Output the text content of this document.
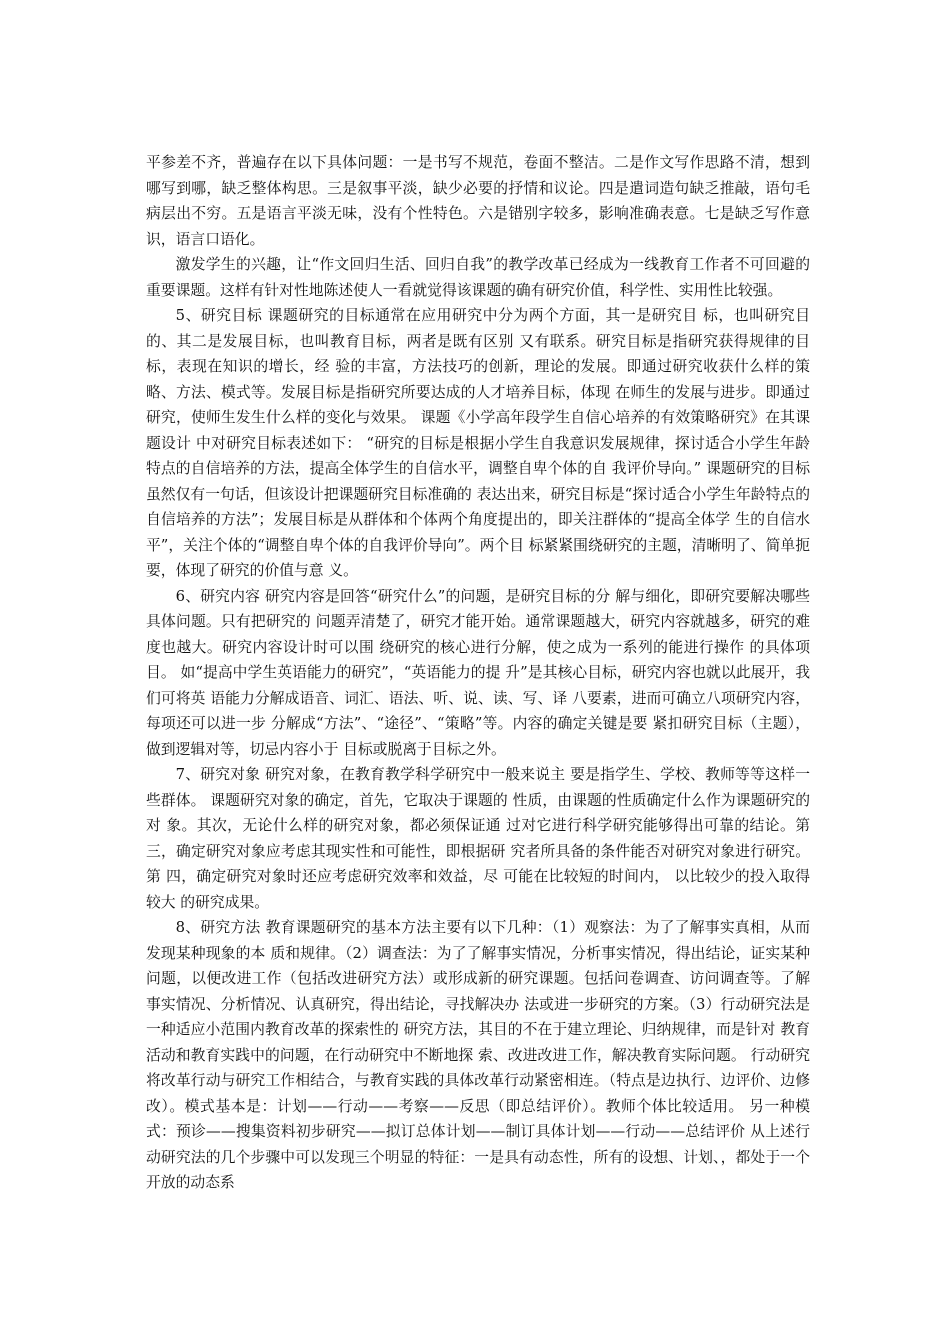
平参差不齐，普遍存在以下具体问题：一是书写不规范，卷面不整洁。二是作文写作思路不清，想到哪写到哪，缺乏整体构思。三是叙事平淡，缺少必要的抒情和议论。四是遣词造句缺乏推敲，语句毛病层出不穷。五是语言平淡无味，没有个性特色。六是错别字较多，影响准确表意。七是缺乏写作意识，语言口语化。

激发学生的兴趣，让“作文回归生活、回归自我”的教学改革已经成为一线教育工作者不可回避的重要课题。这样有针对性地陈述使人一看就觉得该课题的确有研究价值，科学性、实用性比较强。

5、研究目标 课题研究的目标通常在应用研究中分为两个方面，其一是研究目 标，也叫研究目的、其二是发展目标，也叫教育目标，两者是既有区别 又有联系。研究目标是指研究获得规律的目标，表现在知识的增长，经 验的丰富，方法技巧的创新，理论的发展。即通过研究收获什么样的策 略、方法、模式等。发展目标是指研究所要达成的人才培养目标，体现 在师生的发展与进步。即通过研究，使师生发生什么样的变化与效果。 课题《小学高年段学生自信心培养的有效策略研究》在其课题设计 中对研究目标表述如下： “研究的目标是根据小学生自我意识发展规律，探讨适合小学生年龄 特点的自信培养的方法，提高全体学生的自信水平，调整自卑个体的自 我评价导向。” 课题研究的目标虽然仅有一句话，但该设计把课题研究目标准确的 表达出来，研究目标是“探讨适合小学生年龄特点的自信培养的方法”；发展目标是从群体和个体两个角度提出的，即关注群体的“提高全体学 生的自信水平”，关注个体的“调整自卑个体的自我评价导向”。两个目 标紧紧围绕研究的主题，清晰明了、简单扼要，体现了研究的价值与意 义。

6、研究内容 研究内容是回答“研究什么”的问题，是研究目标的分 解与细化，即研究要解决哪些具体问题。只有把研究的 问题弄清楚了，研究才能开始。通常课题越大，研究内容就越多，研究的难度也越大。研究内容设计时可以围 绕研究的核心进行分解，使之成为一系列的能进行操作 的具体项目。 如“提高中学生英语能力的研究”，“英语能力的提 升”是其核心目标，研究内容也就以此展开，我们可将英 语能力分解成语音、词汇、语法、听、说、读、写、译 八要素，进而可确立八项研究内容，每项还可以进一步 分解成“方法”、“途径”、“策略”等。内容的确定关键是要 紧扣研究目标（主题），做到逻辑对等，切忌内容小于 目标或脱离于目标之外。

7、研究对象 研究对象，在教育教学科学研究中一般来说主 要是指学生、学校、教师等等这样一些群体。 课题研究对象的确定，首先，它取决于课题的 性质，由课题的性质确定什么作为课题研究的对 象。其次，无论什么样的研究对象，都必须保证通 过对它进行科学研究能够得出可靠的结论。第三，确定研究对象应考虑其现实性和可能性，即根据研 究者所具备的条件能否对研究对象进行研究。第 四，确定研究对象时还应考虑研究效率和效益，尽 可能在比较短的时间内， 以比较少的投入取得较大 的研究成果。

8、研究方法 教育课题研究的基本方法主要有以下几种：（1）观察法：为了了解事实真相，从而发现某种现象的本 质和规律。（2）调查法：为了了解事实情况，分析事实情况，得出结论，证实某种问题，以便改进工作（包括改进研究方法）或形成新的研究课题。包括问卷调查、访问调查等。了解 事实情况、分析情况、认真研究，得出结论，寻找解决办 法或进一步研究的方案。（3）行动研究法是一种适应小范围内教育改革的探索性的 研究方法，其目的不在于建立理论、归纳规律，而是针对 教育活动和教育实践中的问题，在行动研究中不断地探 索、改进改进工作，解决教育实际问题。 行动研究将改革行动与研究工作相结合，与教育实践的具体改革行动紧密相连。（特点是边执行、边评价、边修改）。模式基本是：计划——行动——考察——反思（即总结评价）。教师个体比较适用。 另一种模式：预诊——搜集资料初步研究——拟订总体计划——制订具体计划——行动——总结评价 从上述行动研究法的几个步骤中可以发现三个明显的特征：一是具有动态性，所有的设想、计划、，都处于一个开放的动态系
